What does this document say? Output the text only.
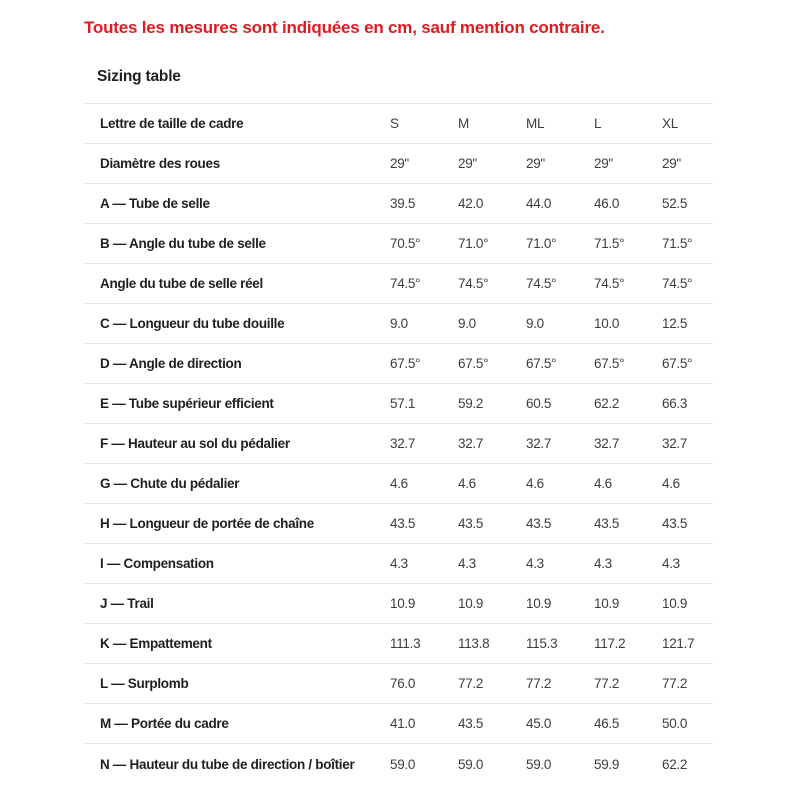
Toutes les mesures sont indiquées en cm, sauf mention contraire.
Sizing table
Lettre de taille de cadre	S	M	ML	L	XL
Diamètre des roues	29"	29"	29"	29"	29"
A — Tube de selle	39.5	42.0	44.0	46.0	52.5
B — Angle du tube de selle	70.5°	71.0°	71.0°	71.5°	71.5°
Angle du tube de selle réel	74.5°	74.5°	74.5°	74.5°	74.5°
C — Longueur du tube douille	9.0	9.0	9.0	10.0	12.5
D — Angle de direction	67.5°	67.5°	67.5°	67.5°	67.5°
E — Tube supérieur efficient	57.1	59.2	60.5	62.2	66.3
F — Hauteur au sol du pédalier	32.7	32.7	32.7	32.7	32.7
G — Chute du pédalier	4.6	4.6	4.6	4.6	4.6
H — Longueur de portée de chaîne	43.5	43.5	43.5	43.5	43.5
I — Compensation	4.3	4.3	4.3	4.3	4.3
J — Trail	10.9	10.9	10.9	10.9	10.9
K — Empattement	111.3	113.8	115.3	117.2	121.7
L — Surplomb	76.0	77.2	77.2	77.2	77.2
M — Portée du cadre	41.0	43.5	45.0	46.5	50.0
N — Hauteur du tube de direction / boîtier	59.0	59.0	59.0	59.9	62.2
